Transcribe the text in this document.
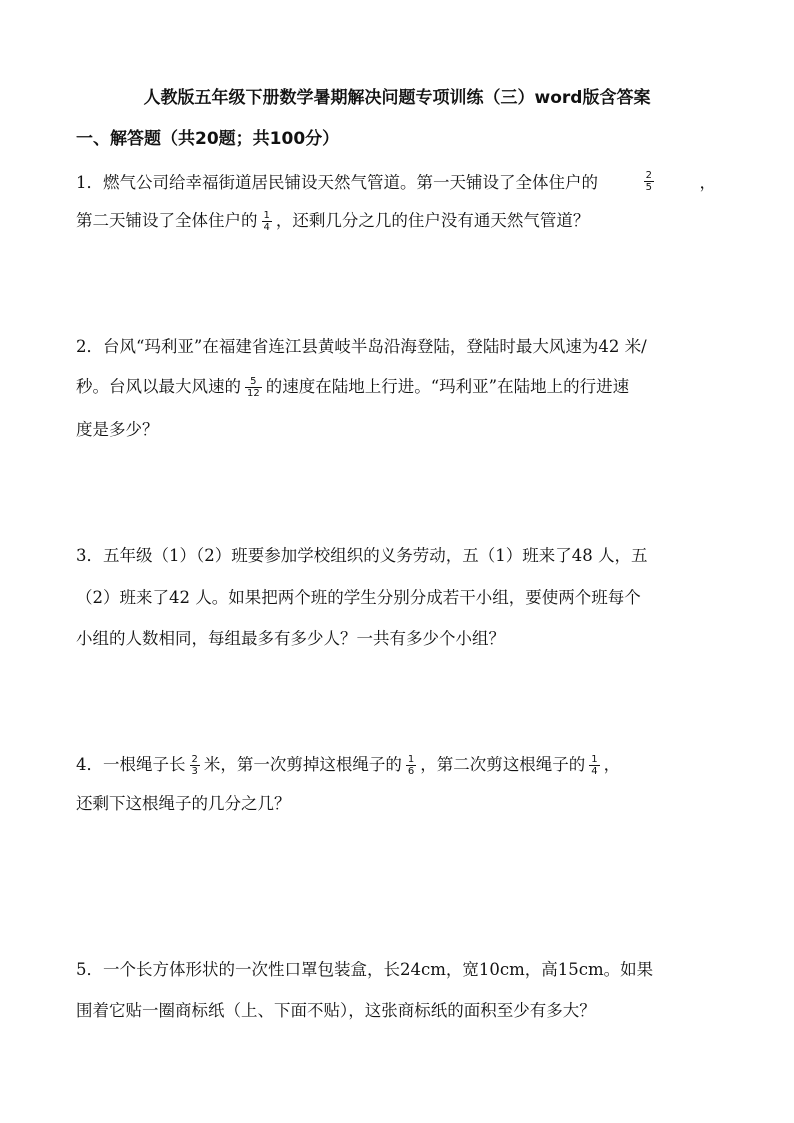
人教版五年级下册数学暑期解决问题专项训练（三）word版含答案
一、解答题（共20题；共100分）
1．燃气公司给幸福街道居民铺设天然气管道。第一天铺设了全体住户的	$\frac{2}{5}$	，
第二天铺设了全体住户的 $\frac{1}{4}$ ，还剩几分之几的住户没有通天然气管道？
2．台风“玛利亚”在福建省连江县黄岐半岛沿海登陆，登陆时最大风速为42 米/
秒。台风以最大风速的 $\frac{5}{12}$ 的速度在陆地上行进。“玛利亚”在陆地上的行进速
度是多少？
3．五年级（1）（2）班要参加学校组织的义务劳动，五（1）班来了48 人，五
（2）班来了42 人。如果把两个班的学生分别分成若干小组，要使两个班每个
小组的人数相同，每组最多有多少人？一共有多少个小组？
4．一根绳子长 $\frac{2}{3}$ 米，第一次剪掉这根绳子的 $\frac{1}{6}$ ，第二次剪这根绳子的 $\frac{1}{4}$ ，
还剩下这根绳子的几分之几？
5．一个长方体形状的一次性口罩包装盒，长24cm，宽10cm，高15cm。如果
围着它贴一圈商标纸（上、下面不贴），这张商标纸的面积至少有多大？
